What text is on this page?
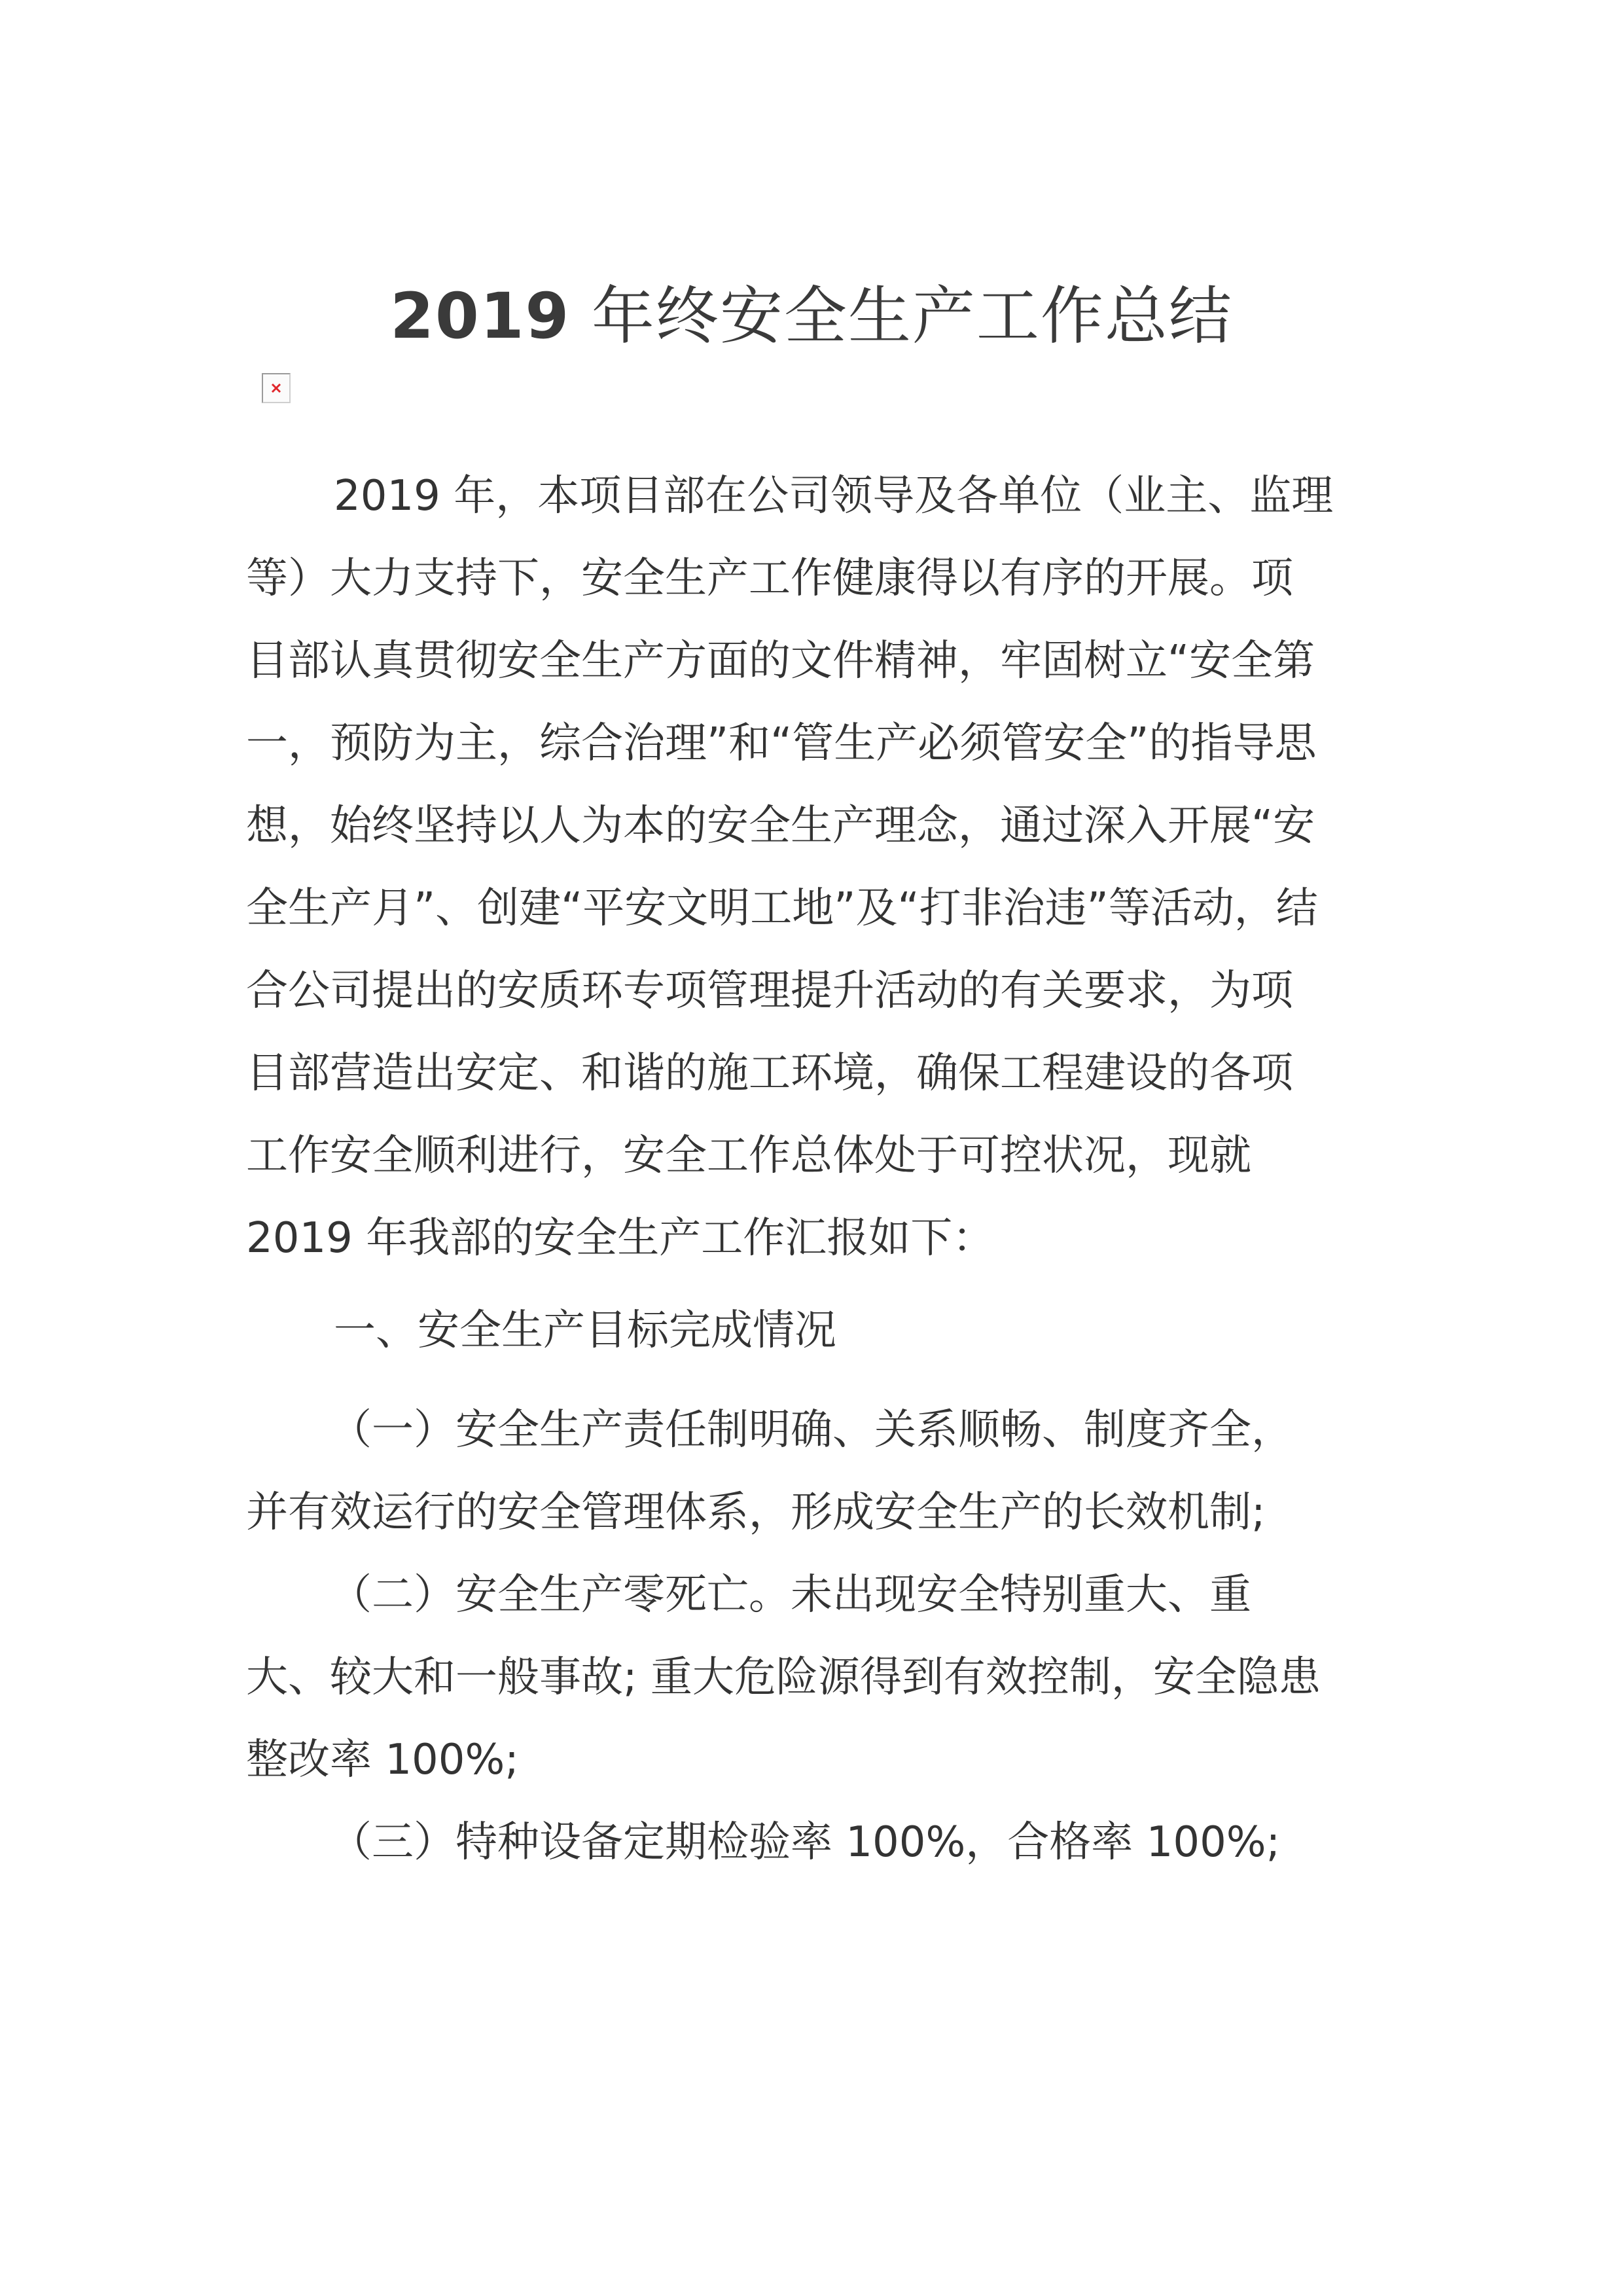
2019 年终安全生产工作总结
2019 年，本项目部在公司领导及各单位（业主、监理
等）大力支持下，安全生产工作健康得以有序的开展。项
目部认真贯彻安全生产方面的文件精神，牢固树立“安全第
一，预防为主，综合治理”和“管生产必须管安全”的指导思
想，始终坚持以人为本的安全生产理念，通过深入开展“安
全生产月”、创建“平安文明工地”及“打非治违”等活动，结
合公司提出的安质环专项管理提升活动的有关要求，为项
目部营造出安定、和谐的施工环境，确保工程建设的各项
工作安全顺利进行，安全工作总体处于可控状况，现就
2019 年我部的安全生产工作汇报如下：
一、安全生产目标完成情况
（一）安全生产责任制明确、关系顺畅、制度齐全，
并有效运行的安全管理体系，形成安全生产的长效机制;
（二）安全生产零死亡。未出现安全特别重大、重
大、较大和一般事故; 重大危险源得到有效控制，安全隐患
整改率 100%;
（三）特种设备定期检验率 100%，合格率 100%;
